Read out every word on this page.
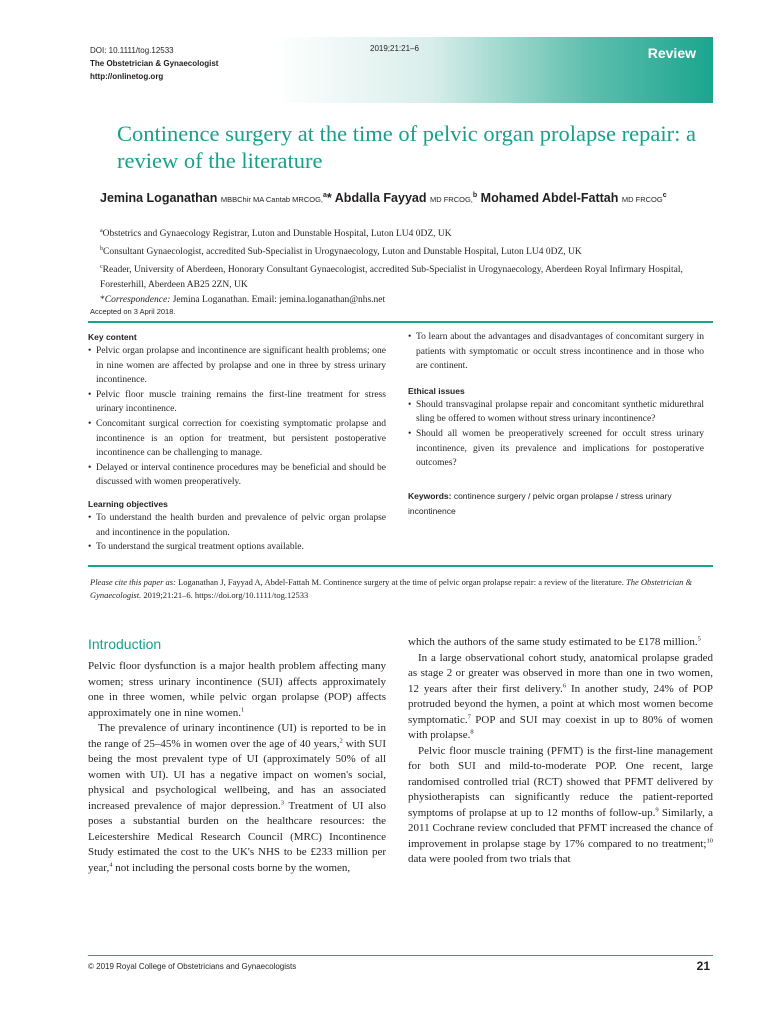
DOI: 10.1111/tog.12533
The Obstetrician & Gynaecologist
http://onlinetog.org
2019;21:21–6	Review
Continence surgery at the time of pelvic organ prolapse repair: a review of the literature
Jemina Loganathan MBBChir MA Cantab MRCOG,$^a$* Abdalla Fayyad MD FRCOG,$^b$ Mohamed Abdel-Fattah MD FRCOG$^c$
$^a$Obstetrics and Gynaecology Registrar, Luton and Dunstable Hospital, Luton LU4 0DZ, UK
$^b$Consultant Gynaecologist, accredited Sub-Specialist in Urogynaecology, Luton and Dunstable Hospital, Luton LU4 0DZ, UK
$^c$Reader, University of Aberdeen, Honorary Consultant Gynaecologist, accredited Sub-Specialist in Urogynaecology, Aberdeen Royal Infirmary Hospital, Foresterhill, Aberdeen AB25 2ZN, UK
*Correspondence: Jemina Loganathan. Email: jemina.loganathan@nhs.net
Accepted on 3 April 2018.
Key content
• Pelvic organ prolapse and incontinence are significant health problems; one in nine women are affected by prolapse and one in three by stress urinary incontinence.
• Pelvic floor muscle training remains the first-line treatment for stress urinary incontinence.
• Concomitant surgical correction for coexisting symptomatic prolapse and incontinence is an option for treatment, but persistent postoperative incontinence can be challenging to manage.
• Delayed or interval continence procedures may be beneficial and should be discussed with women preoperatively.
Learning objectives
• To understand the health burden and prevalence of pelvic organ prolapse and incontinence in the population.
• To understand the surgical treatment options available.
• To learn about the advantages and disadvantages of concomitant surgery in patients with symptomatic or occult stress incontinence and in those who are continent.
Ethical issues
• Should transvaginal prolapse repair and concomitant synthetic midurethral sling be offered to women without stress urinary incontinence?
• Should all women be preoperatively screened for occult stress urinary incontinence, given its prevalence and implications for postoperative outcomes?
Keywords: continence surgery / pelvic organ prolapse / stress urinary incontinence
Please cite this paper as: Loganathan J, Fayyad A, Abdel-Fattah M. Continence surgery at the time of pelvic organ prolapse repair: a review of the literature. The Obstetrician & Gynaecologist. 2019;21:21–6. https://doi.org/10.1111/tog.12533
Introduction

Pelvic floor dysfunction is a major health problem affecting many women; stress urinary incontinence (SUI) affects approximately one in three women, while pelvic organ prolapse (POP) affects approximately one in nine women.$^1$

The prevalence of urinary incontinence (UI) is reported to be in the range of 25–45% in women over the age of 40 years,$^2$ with SUI being the most prevalent type of UI (approximately 50% of all women with UI). UI has a negative impact on women's social, physical and psychological wellbeing, and has an associated increased prevalence of major depression.$^3$ Treatment of UI also poses a substantial burden on the healthcare resources: the Leicestershire Medical Research Council (MRC) Incontinence Study estimated the cost to the UK's NHS to be £233 million per year,$^4$ not including the personal costs borne by the women,

which the authors of the same study estimated to be £178 million.$^5$

In a large observational cohort study, anatomical prolapse graded as stage 2 or greater was observed in more than one in two women, 12 years after their first delivery.$^6$ In another study, 24% of POP protruded beyond the hymen, a point at which most women become symptomatic.$^7$ POP and SUI may coexist in up to 80% of women with prolapse.$^8$

Pelvic floor muscle training (PFMT) is the first-line management for both SUI and mild-to-moderate POP. One recent, large randomised controlled trial (RCT) showed that PFMT delivered by physiotherapists can significantly reduce the patient-reported symptoms of prolapse at up to 12 months of follow-up.$^9$ Similarly, a 2011 Cochrane review concluded that PFMT increased the chance of improvement in prolapse stage by 17% compared to no treatment;$^{10}$ data were pooled from two trials that

© 2019 Royal College of Obstetricians and Gynaecologists	21
